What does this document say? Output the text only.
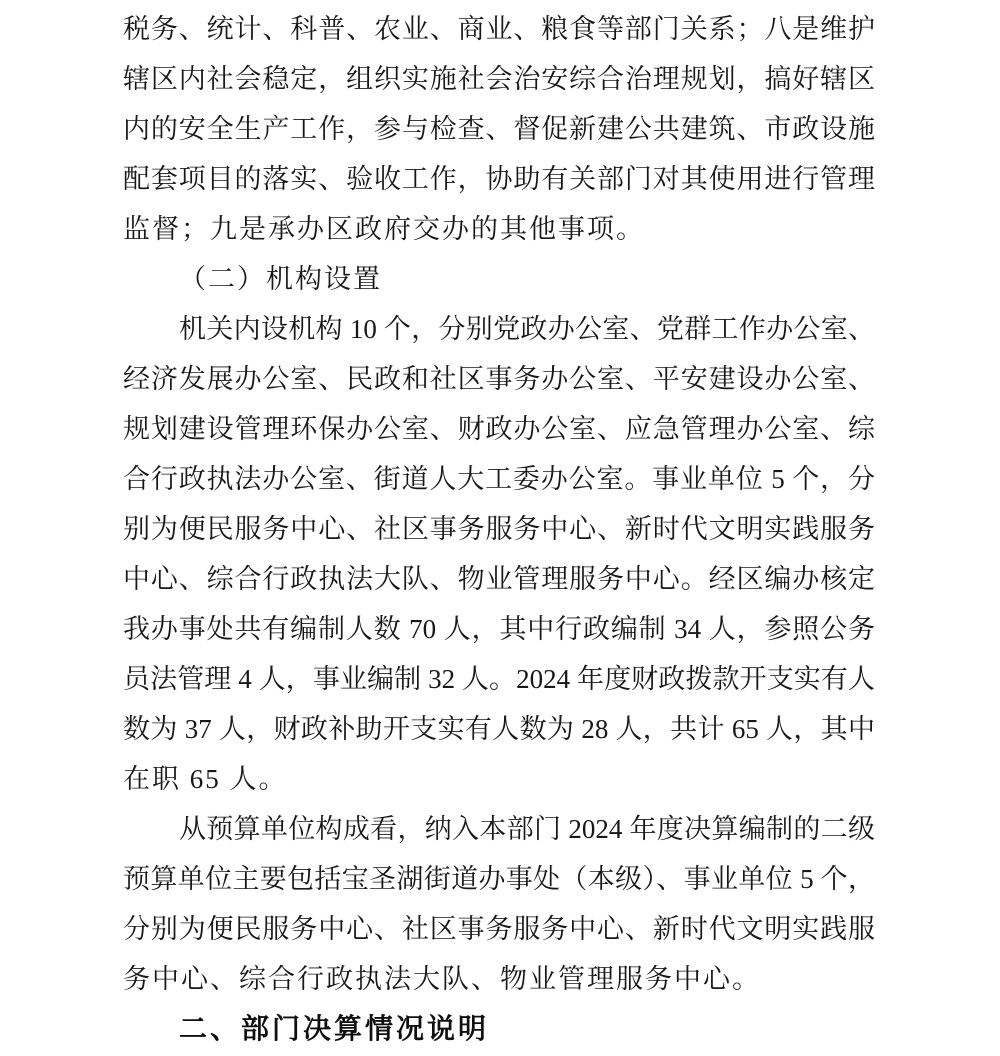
税务、统计、科普、农业、商业、粮食等部门关系；八是维护
辖区内社会稳定，组织实施社会治安综合治理规划，搞好辖区
内的安全生产工作，参与检查、督促新建公共建筑、市政设施
配套项目的落实、验收工作，协助有关部门对其使用进行管理
监督；九是承办区政府交办的其他事项。
（二）机构设置
机关内设机构 10 个，分别党政办公室、党群工作办公室、
经济发展办公室、民政和社区事务办公室、平安建设办公室、
规划建设管理环保办公室、财政办公室、应急管理办公室、综
合行政执法办公室、街道人大工委办公室。事业单位 5 个，分
别为便民服务中心、社区事务服务中心、新时代文明实践服务
中心、综合行政执法大队、物业管理服务中心。经区编办核定
我办事处共有编制人数 70 人，其中行政编制 34 人，参照公务
员法管理 4 人，事业编制 32 人。2024 年度财政拨款开支实有人
数为 37 人，财政补助开支实有人数为 28 人，共计 65 人，其中
在职 65 人。
从预算单位构成看，纳入本部门 2024 年度决算编制的二级
预算单位主要包括宝圣湖街道办事处（本级）、事业单位 5 个，
分别为便民服务中心、社区事务服务中心、新时代文明实践服
务中心、综合行政执法大队、物业管理服务中心。
二、部门决算情况说明
